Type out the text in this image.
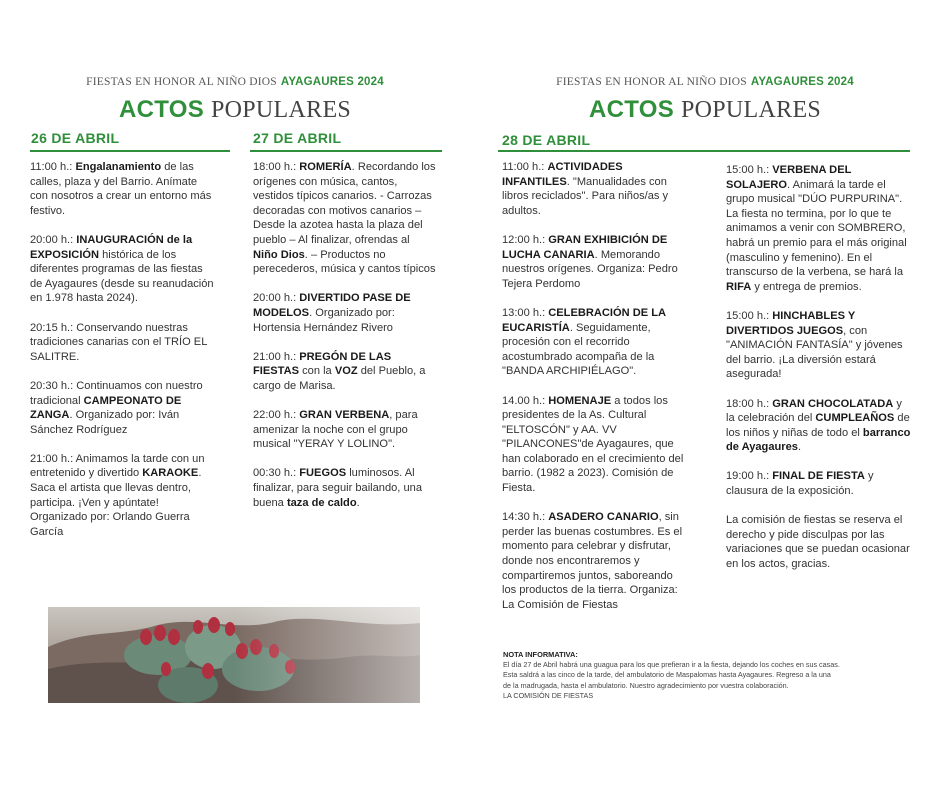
FIESTAS EN HONOR AL NIÑO DIOS AYAGAURES 2024
ACTOS POPULARES
26 DE ABRIL
11:00 h.: Engalanamiento de las calles, plaza y del Barrio. Anímate con nosotros a crear un entorno más festivo.
20:00 h.: INAUGURACIÓN de la EXPOSICIÓN histórica de los diferentes programas de las fiestas de Ayagaures (desde su reanudación en 1.978 hasta 2024).
20:15 h.: Conservando nuestras tradiciones canarias con el TRÍO EL SALITRE.
20:30 h.: Continuamos con nuestro tradicional CAMPEONATO DE ZANGA. Organizado por: Iván Sánchez Rodríguez
21:00 h.: Animamos la tarde con un entretenido y divertido KARAOKE. Saca el artista que llevas dentro, participa. ¡Ven y apúntate! Organizado por: Orlando Guerra García
27 DE ABRIL
18:00 h.: ROMERÍA. Recordando los orígenes con música, cantos, vestidos típicos canarios. - Carrozas decoradas con motivos canarios – Desde la azotea hasta la plaza del pueblo – Al finalizar, ofrendas al Niño Dios. – Productos no perecederos, música y cantos típicos
20:00 h.: DIVERTIDO PASE DE MODELOS. Organizado por: Hortensia Hernández Rivero
21:00 h.: PREGÓN DE LAS FIESTAS con la VOZ del Pueblo, a cargo de Marisa.
22:00 h.: GRAN VERBENA, para amenizar la noche con el grupo musical "YERAY Y LOLINO".
00:30 h.: FUEGOS luminosos. Al finalizar, para seguir bailando, una buena taza de caldo.
FIESTAS EN HONOR AL NIÑO DIOS AYAGAURES 2024
ACTOS POPULARES
28 DE ABRIL
11:00 h.: ACTIVIDADES INFANTILES. "Manualidades con libros reciclados". Para niños/as y adultos.
12:00 h.: GRAN EXHIBICIÓN DE LUCHA CANARIA. Memorando nuestros orígenes. Organiza: Pedro Tejera Perdomo
13:00 h.: CELEBRACIÓN DE LA EUCARISTÍA. Seguidamente, procesión con el recorrido acostumbrado acompaña de la "BANDA ARCHIPIÉLAGO".
14.00 h.: HOMENAJE a todos los presidentes de la As. Cultural "ELTOSCÓN" y AA. VV "PILANCONES"de Ayagaures, que han colaborado en el crecimiento del barrio. (1982 a 2023). Comisión de Fiesta.
14:30 h.: ASADERO CANARIO, sin perder las buenas costumbres. Es el momento para celebrar y disfrutar, donde nos encontraremos y compartiremos juntos, saboreando los productos de la tierra. Organiza: La Comisión de Fiestas
15:00 h.: VERBENA DEL SOLAJERO. Animará la tarde el grupo musical "DÚO PURPURINA". La fiesta no termina, por lo que te animamos a venir con SOMBRERO, habrá un premio para el más original (masculino y femenino). En el transcurso de la verbena, se hará la RIFA y entrega de premios.
15:00 h.: HINCHABLES Y DIVERTIDOS JUEGOS, con "ANIMACIÓN FANTASÍA" y jóvenes del barrio. ¡La diversión estará asegurada!
18:00 h.: GRAN CHOCOLATADA y la celebración del CUMPLEAÑOS de los niños y niñas de todo el barranco de Ayagaures.
19:00 h.: FINAL DE FIESTA y clausura de la exposición.
La comisión de fiestas se reserva el derecho y pide disculpas por las variaciones que se puedan ocasionar en los actos, gracias.
NOTA INFORMATIVA:
El día 27 de Abril habrá una guagua para los que prefieran ir a la fiesta, dejando los coches en sus casas.
Esta saldrá a las cinco de la tarde, del ambulatorio de Maspalomas hasta Ayagaures. Regreso a la una
de la madrugada, hasta el ambulatorio. Nuestro agradecimiento por vuestra colaboración.
LA COMISIÓN DE FIESTAS
